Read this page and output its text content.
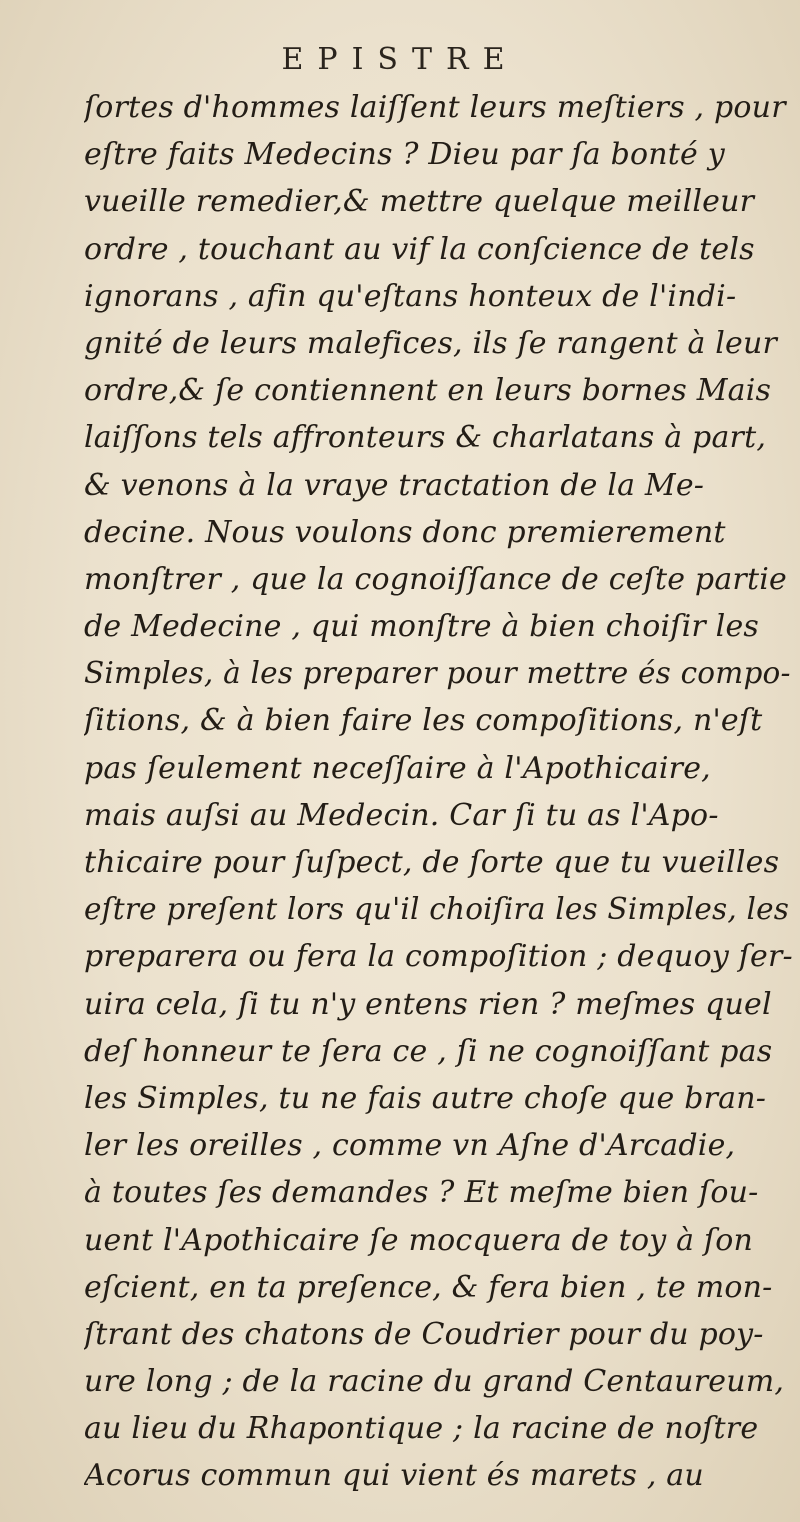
EPISTRE
ſortes d'hommes laiſſent leurs meſtiers , pour
eſtre faits Medecins ? Dieu par ſa bonté y
vueille remedier,& mettre quelque meilleur
ordre , touchant au vif la conſcience de tels
ignorans , afin qu'eſtans honteux de l'indi-
gnité de leurs malefices, ils ſe rangent à leur
ordre,& ſe contiennent en leurs bornes Mais
laiſſons tels affronteurs & charlatans à part,
& venons à la vraye tractation de la Me-
decine. Nous voulons donc premierement
monſtrer , que la cognoiſſance de ceſte partie
de Medecine , qui monſtre à bien choiſir les
Simples, à les preparer pour mettre és compo-
ſitions, & à bien faire les compoſitions, n'eſt
pas ſeulement neceſſaire à l'Apothicaire,
mais auſsi au Medecin. Car ſi tu as l'Apo-
thicaire pour ſuſpect, de ſorte que tu vueilles
eſtre preſent lors qu'il choiſira les Simples, les
preparera ou fera la compoſition ; dequoy ſer-
uira cela, ſi tu n'y entens rien ? meſmes quel
deſ honneur te ſera ce , ſi ne cognoiſſant pas
les Simples, tu ne fais autre choſe que bran-
ler les oreilles , comme vn Aſne d'Arcadie,
à toutes ſes demandes ? Et meſme bien ſou-
uent l'Apothicaire ſe mocquera de toy à ſon
eſcient, en ta preſence, & fera bien , te mon-
ſtrant des chatons de Coudrier pour du poy-
ure long ; de la racine du grand Centaureum,
au lieu du Rhapontique ; la racine de noſtre
Acorus commun qui vient és marets , au
